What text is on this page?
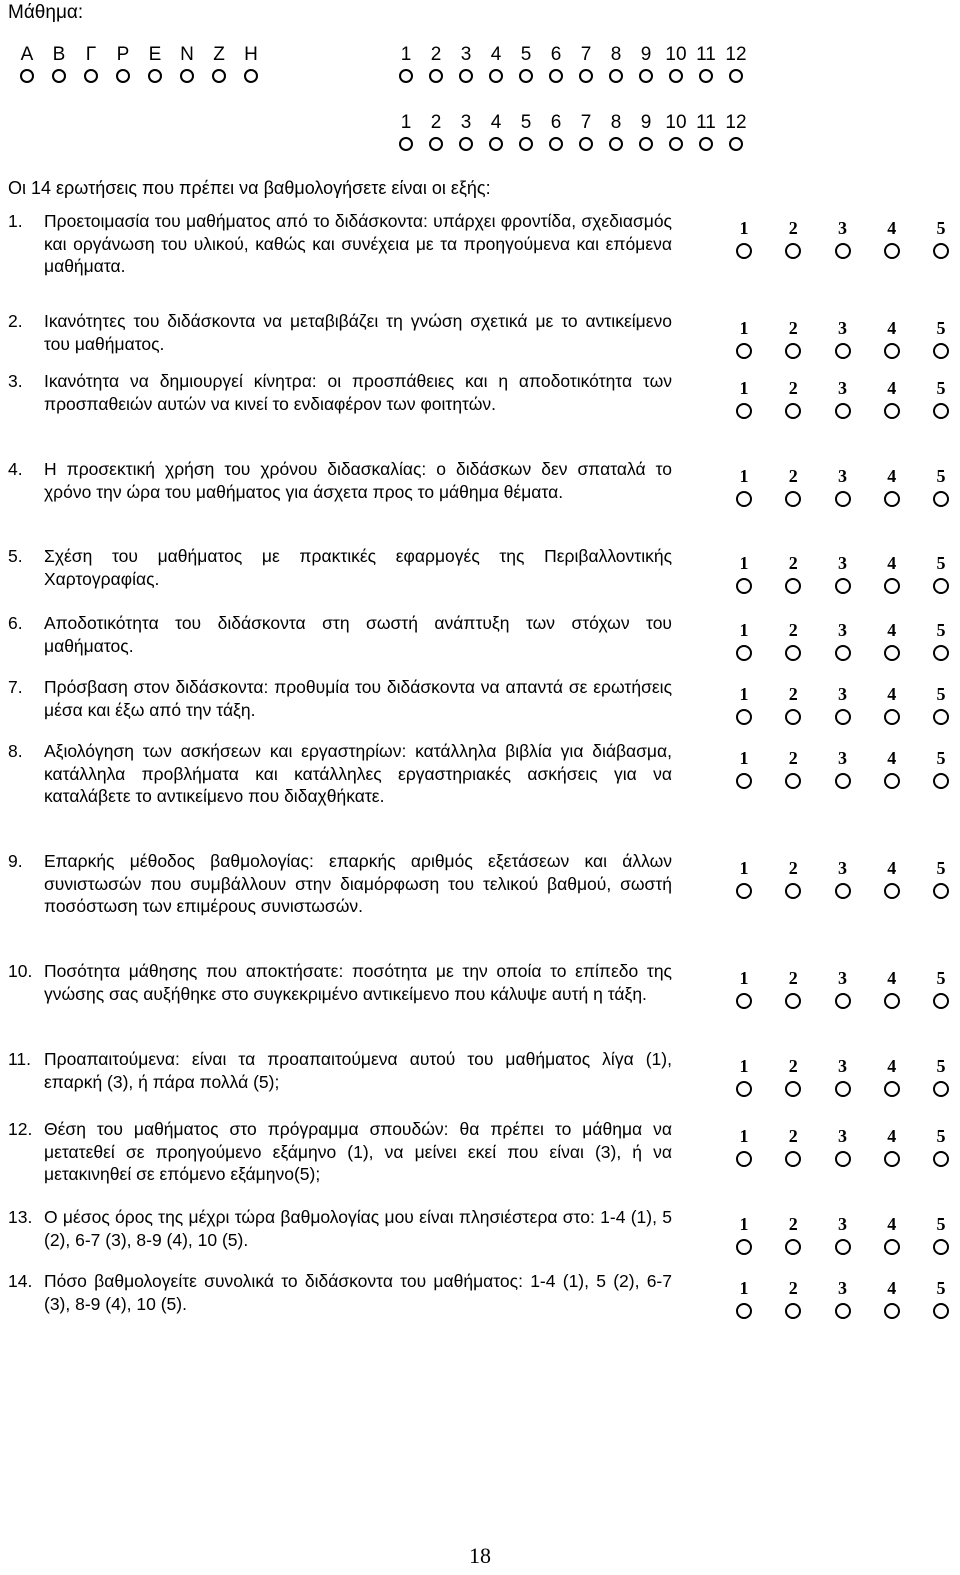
Μάθημα:
Α Β Γ Ρ Ε Ν Ζ Η	1 2 3 4 5 6 7 8 9 10 11 12
1 2 3 4 5 6 7 8 9 10 11 12
Οι 14 ερωτήσεις που πρέπει να βαθμολογήσετε είναι οι εξής:
1. Προετοιμασία του μαθήματος από το διδάσκοντα: υπάρχει φροντίδα, σχεδιασμός και οργάνωση του υλικού, καθώς και συνέχεια με τα προηγούμενα και επόμενα μαθήματα.
1 2 3 4 5
2. Ικανότητες του διδάσκοντα να μεταβιβάζει τη γνώση σχετικά με το αντικείμενο του μαθήματος.
1 2 3 4 5
3. Ικανότητα να δημιουργεί κίνητρα: οι προσπάθειες και η αποδοτικότητα των προσπαθειών αυτών να κινεί το ενδιαφέρον των φοιτητών.
1 2 3 4 5
4. Η προσεκτική χρήση του χρόνου διδασκαλίας: ο διδάσκων δεν σπαταλά το χρόνο την ώρα του μαθήματος για άσχετα προς το μάθημα θέματα.
1 2 3 4 5
5. Σχέση του μαθήματος με πρακτικές εφαρμογές της Περιβαλλοντικής Χαρτογραφίας.
1 2 3 4 5
6. Αποδοτικότητα του διδάσκοντα στη σωστή ανάπτυξη των στόχων του μαθήματος.
1 2 3 4 5
7. Πρόσβαση στον διδάσκοντα: προθυμία του διδάσκοντα να απαντά σε ερωτήσεις μέσα και έξω από την τάξη.
1 2 3 4 5
8. Αξιολόγηση των ασκήσεων και εργαστηρίων: κατάλληλα βιβλία για διάβασμα, κατάλληλα προβλήματα και κατάλληλες εργαστηριακές ασκήσεις για να καταλάβετε το αντικείμενο που διδαχθήκατε.
1 2 3 4 5
9. Επαρκής μέθοδος βαθμολογίας: επαρκής αριθμός εξετάσεων και άλλων συνιστωσών που συμβάλλουν στην διαμόρφωση του τελικού βαθμού, σωστή ποσόστωση των επιμέρους συνιστωσών.
1 2 3 4 5
10. Ποσότητα μάθησης που αποκτήσατε: ποσότητα με την οποία το επίπεδο της γνώσης σας αυξήθηκε στο συγκεκριμένο αντικείμενο που κάλυψε αυτή η τάξη.
1 2 3 4 5
11. Προαπαιτούμενα: είναι τα προαπαιτούμενα αυτού του μαθήματος λίγα (1), επαρκή (3), ή πάρα πολλά (5);
1 2 3 4 5
12. Θέση του μαθήματος στο πρόγραμμα σπουδών: θα πρέπει το μάθημα να μετατεθεί σε προηγούμενο εξάμηνο (1), να μείνει εκεί που είναι (3), ή να μετακινηθεί σε επόμενο εξάμηνο(5);
1 2 3 4 5
13. Ο μέσος όρος της μέχρι τώρα βαθμολογίας μου είναι πλησιέστερα στο: 1-4 (1), 5 (2), 6-7 (3), 8-9 (4), 10 (5).
1 2 3 4 5
14. Πόσο βαθμολογείτε συνολικά το διδάσκοντα του μαθήματος: 1-4 (1), 5 (2), 6-7 (3), 8-9 (4), 10 (5).
1 2 3 4 5
18
